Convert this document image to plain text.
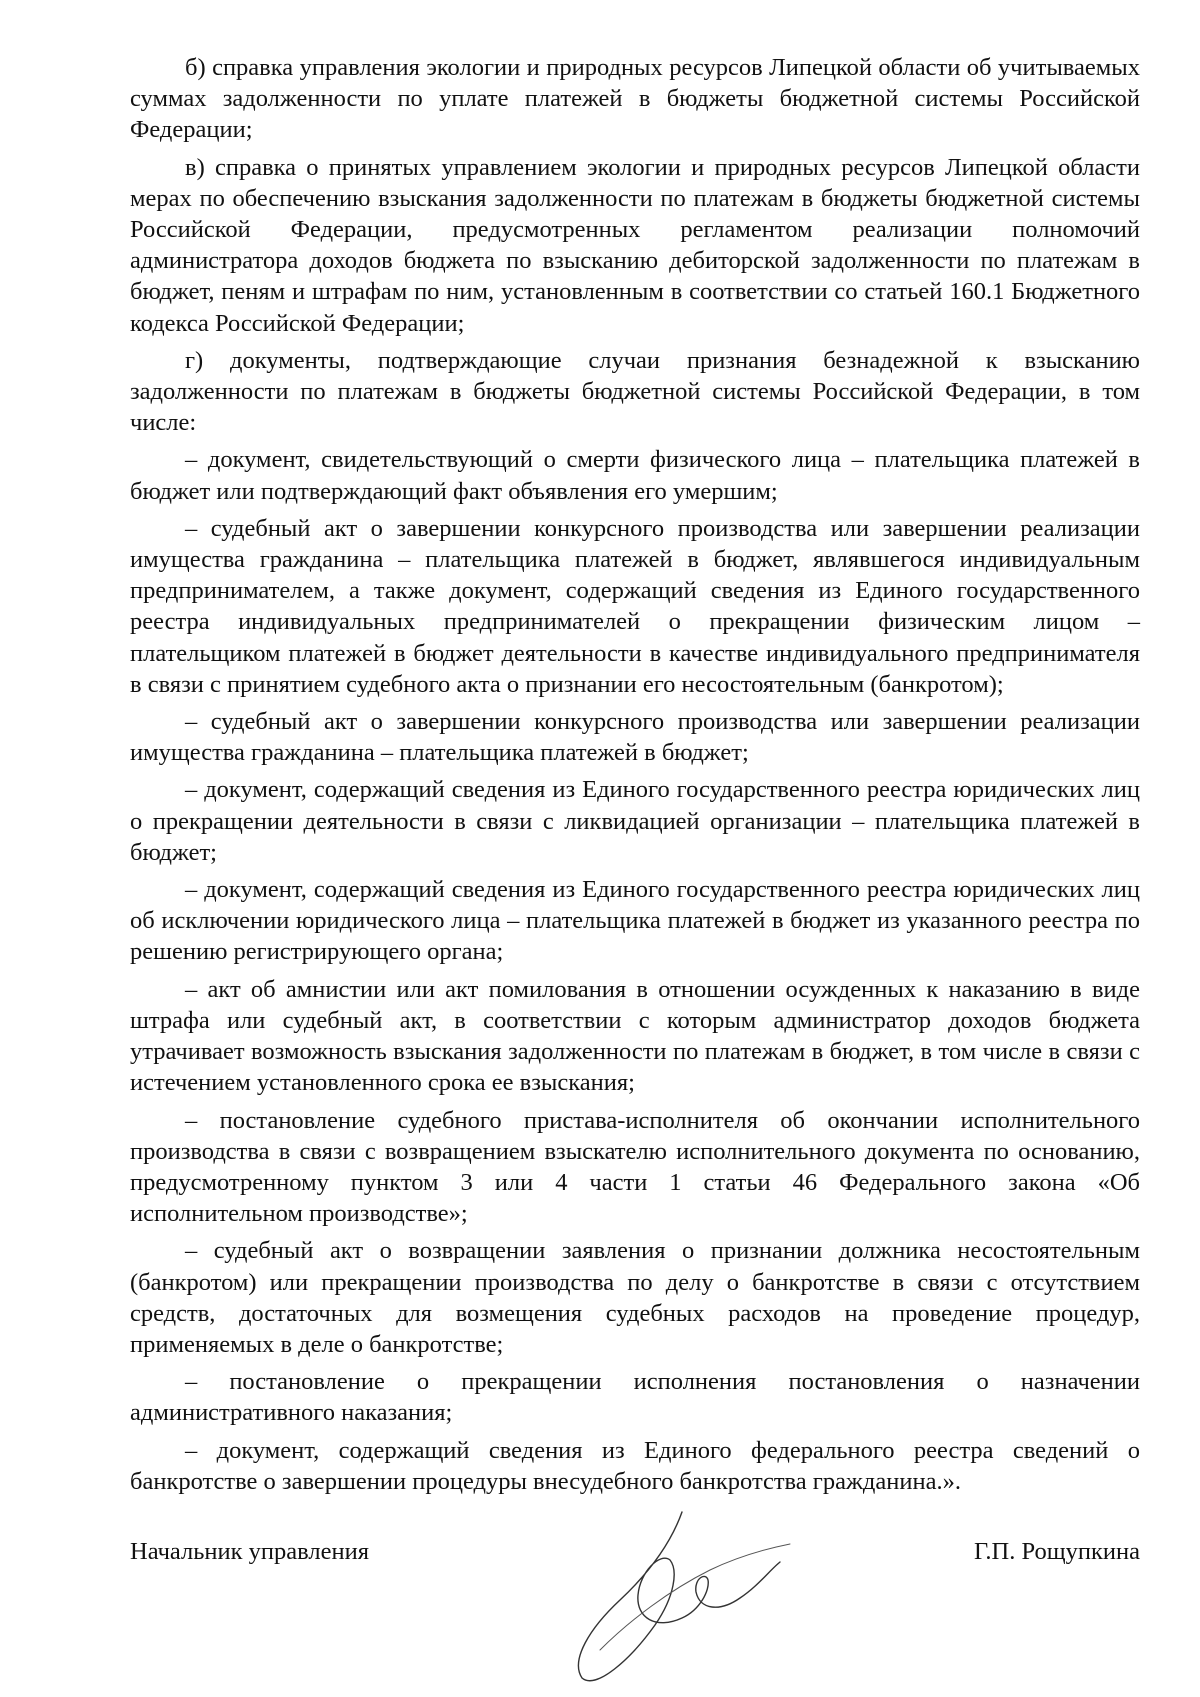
б) справка управления экологии и природных ресурсов Липецкой области об учитываемых суммах задолженности по уплате платежей в бюджеты бюджетной системы Российской Федерации;

в) справка о принятых управлением экологии и природных ресурсов Липецкой области мерах по обеспечению взыскания задолженности по платежам в бюджеты бюджетной системы Российской Федерации, предусмотренных регламентом реализации полномочий администратора доходов бюджета по взысканию дебиторской задолженности по платежам в бюджет, пеням и штрафам по ним, установленным в соответствии со статьей 160.1 Бюджетного кодекса Российской Федерации;

г) документы, подтверждающие случаи признания безнадежной к взысканию задолженности по платежам в бюджеты бюджетной системы Российской Федерации, в том числе:

– документ, свидетельствующий о смерти физического лица – плательщика платежей в бюджет или подтверждающий факт объявления его умершим;

– судебный акт о завершении конкурсного производства или завершении реализации имущества гражданина – плательщика платежей в бюджет, являвшегося индивидуальным предпринимателем, а также документ, содержащий сведения из Единого государственного реестра индивидуальных предпринимателей о прекращении физическим лицом – плательщиком платежей в бюджет деятельности в качестве индивидуального предпринимателя в связи с принятием судебного акта о признании его несостоятельным (банкротом);

– судебный акт о завершении конкурсного производства или завершении реализации имущества гражданина – плательщика платежей в бюджет;

– документ, содержащий сведения из Единого государственного реестра юридических лиц о прекращении деятельности в связи с ликвидацией организации – плательщика платежей в бюджет;

– документ, содержащий сведения из Единого государственного реестра юридических лиц об исключении юридического лица – плательщика платежей в бюджет из указанного реестра по решению регистрирующего органа;

– акт об амнистии или акт помилования в отношении осужденных к наказанию в виде штрафа или судебный акт, в соответствии с которым администратор доходов бюджета утрачивает возможность взыскания задолженности по платежам в бюджет, в том числе в связи с истечением установленного срока ее взыскания;

– постановление судебного пристава-исполнителя об окончании исполнительного производства в связи с возвращением взыскателю исполнительного документа по основанию, предусмотренному пунктом 3 или 4 части 1 статьи 46 Федерального закона «Об исполнительном производстве»;

– судебный акт о возвращении заявления о признании должника несостоятельным (банкротом) или прекращении производства по делу о банкротстве в связи с отсутствием средств, достаточных для возмещения судебных расходов на проведение процедур, применяемых в деле о банкротстве;

– постановление о прекращении исполнения постановления о назначении административного наказания;

– документ, содержащий сведения из Единого федерального реестра сведений о банкротстве о завершении процедуры внесудебного банкротства гражданина.».

Начальник управления	Г.П. Рощупкина
